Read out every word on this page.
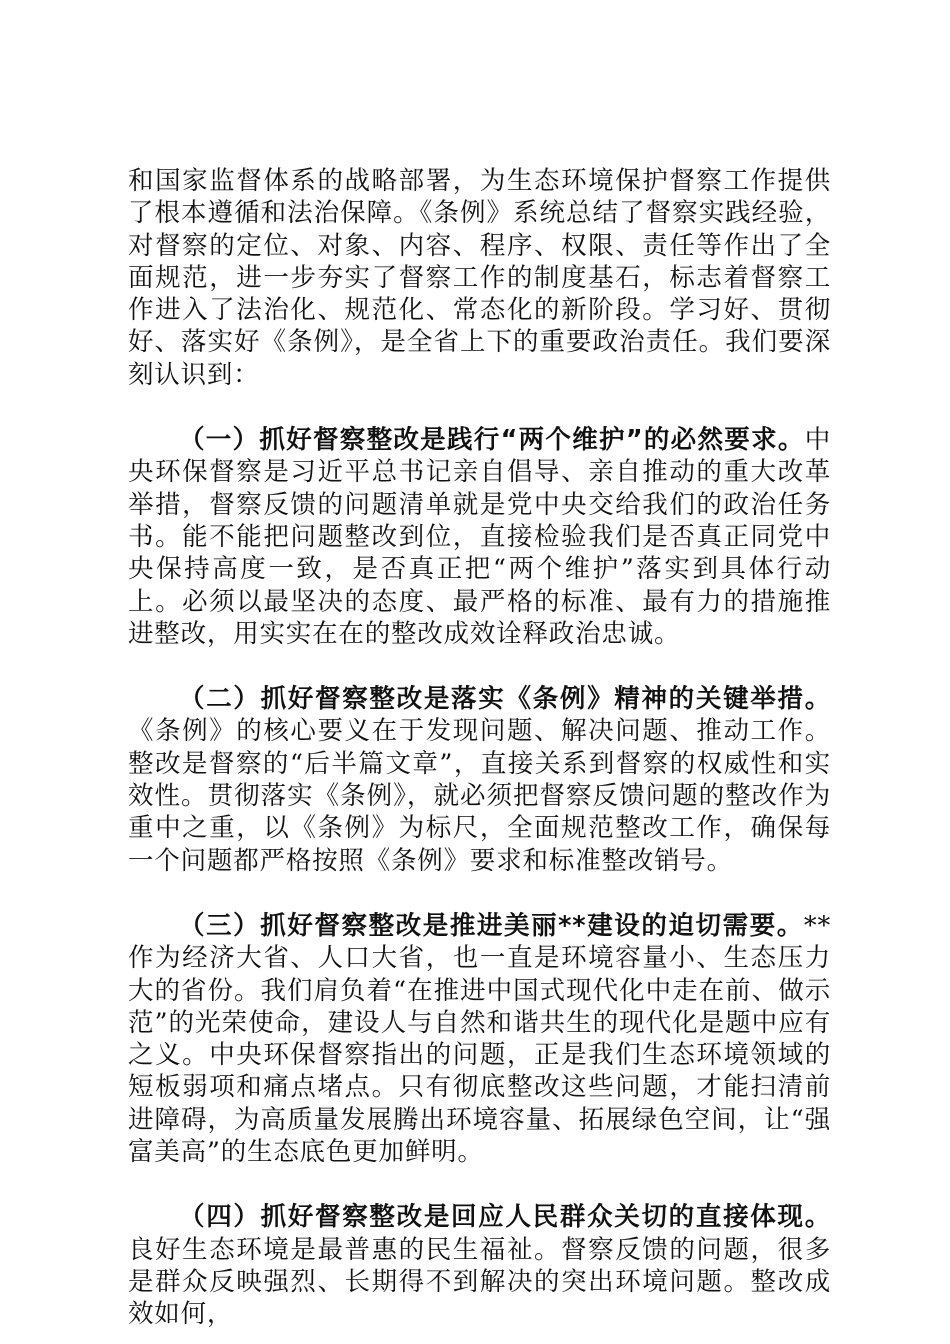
和国家监督体系的战略部署，为生态环境保护督察工作提供了根本遵循和法治保障。《条例》系统总结了督察实践经验，对督察的定位、对象、内容、程序、权限、责任等作出了全面规范，进一步夯实了督察工作的制度基石，标志着督察工作进入了法治化、规范化、常态化的新阶段。学习好、贯彻好、落实好《条例》，是全省上下的重要政治责任。我们要深刻认识到：

（一）抓好督察整改是践行“两个维护”的必然要求。中央环保督察是习近平总书记亲自倡导、亲自推动的重大改革举措，督察反馈的问题清单就是党中央交给我们的政治任务书。能不能把问题整改到位，直接检验我们是否真正同党中央保持高度一致，是否真正把“两个维护”落实到具体行动上。必须以最坚决的态度、最严格的标准、最有力的措施推进整改，用实实在在的整改成效诠释政治忠诚。

（二）抓好督察整改是落实《条例》精神的关键举措。《条例》的核心要义在于发现问题、解决问题、推动工作。整改是督察的“后半篇文章”，直接关系到督察的权威性和实效性。贯彻落实《条例》，就必须把督察反馈问题的整改作为重中之重，以《条例》为标尺，全面规范整改工作，确保每一个问题都严格按照《条例》要求和标准整改销号。

（三）抓好督察整改是推进美丽**建设的迫切需要。**作为经济大省、人口大省，也一直是环境容量小、生态压力大的省份。我们肩负着“在推进中国式现代化中走在前、做示范”的光荣使命，建设人与自然和谐共生的现代化是题中应有之义。中央环保督察指出的问题，正是我们生态环境领域的短板弱项和痛点堵点。只有彻底整改这些问题，才能扫清前进障碍，为高质量发展腾出环境容量、拓展绿色空间，让“强富美高”的生态底色更加鲜明。

（四）抓好督察整改是回应人民群众关切的直接体现。良好生态环境是最普惠的民生福祉。督察反馈的问题，很多是群众反映强烈、长期得不到解决的突出环境问题。整改成效如何，
